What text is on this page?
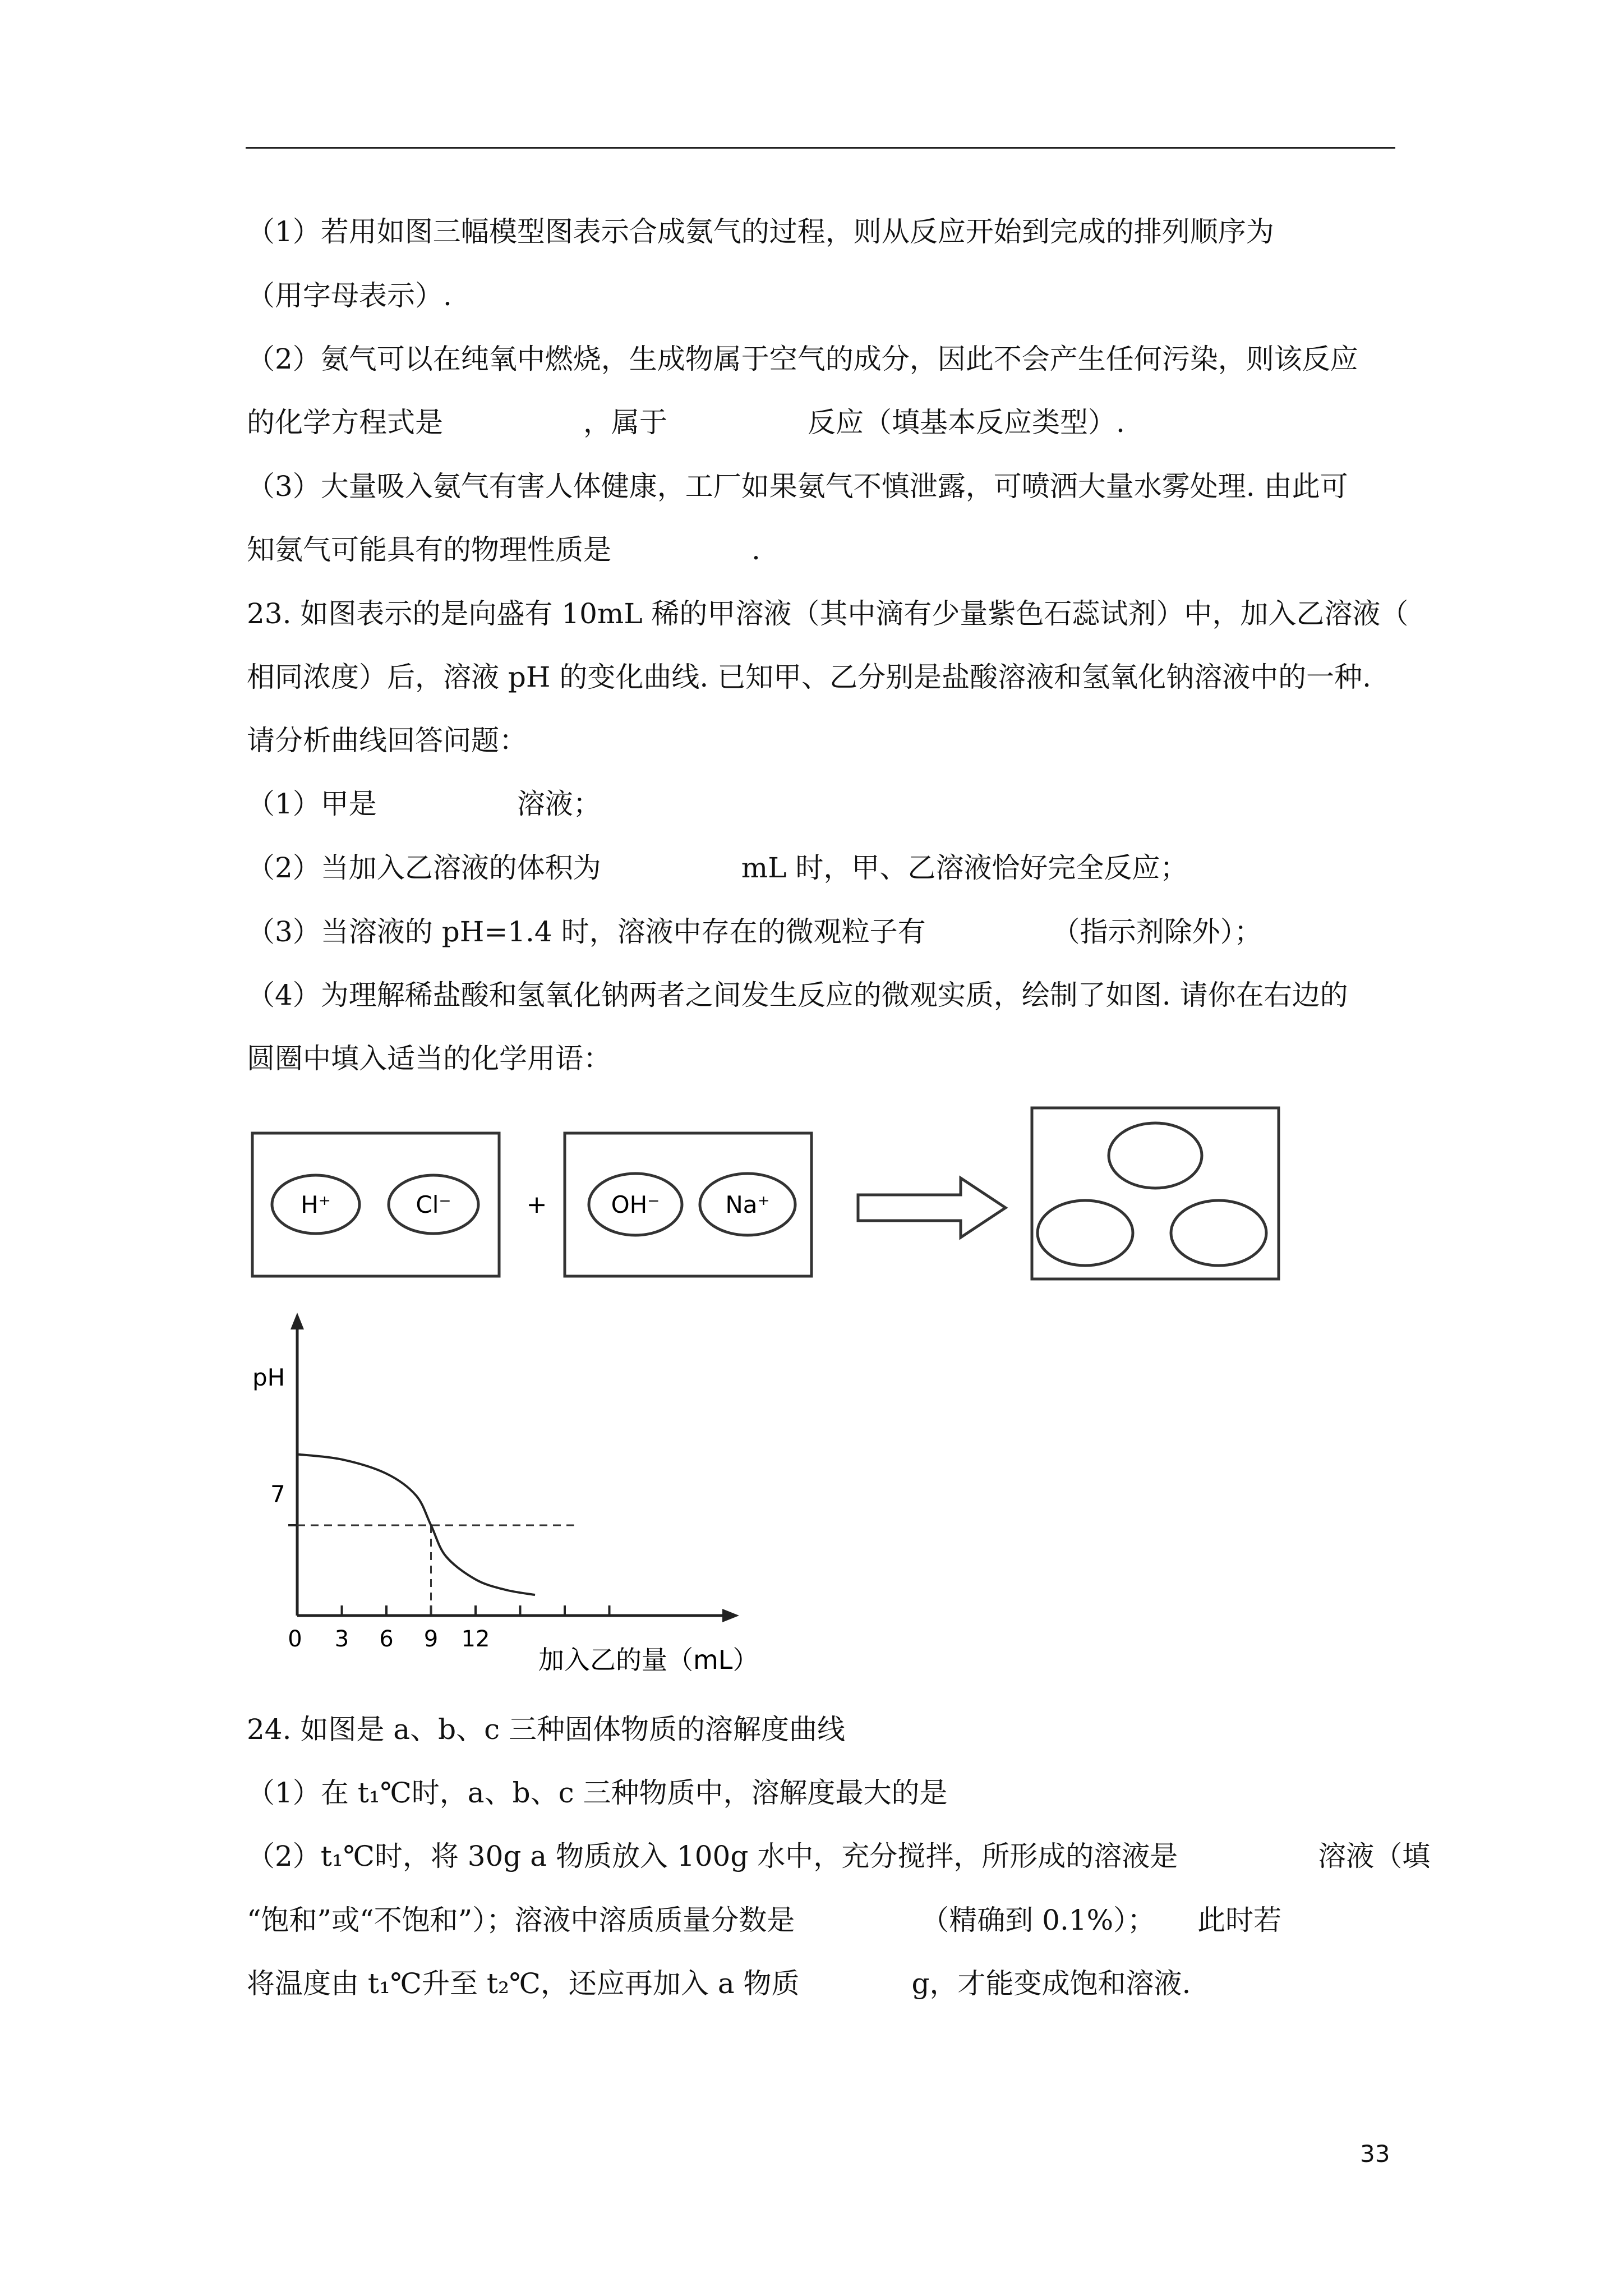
（1）若用如图三幅模型图表示合成氨气的过程，则从反应开始到完成的排列顺序为
（用字母表示）.
（2）氨气可以在纯氧中燃烧，生成物属于空气的成分，因此不会产生任何污染，则该反应
的化学方程式是　　　　　，属于　　　　　反应（填基本反应类型）.
（3）大量吸入氨气有害人体健康，工厂如果氨气不慎泄露，可喷洒大量水雾处理. 由此可
知氨气可能具有的物理性质是　　　　　.
23. 如图表示的是向盛有 10mL 稀的甲溶液（其中滴有少量紫色石蕊试剂）中，加入乙溶液（
相同浓度）后，溶液 pH 的变化曲线. 已知甲、乙分别是盐酸溶液和氢氧化钠溶液中的一种.
请分析曲线回答问题：
（1）甲是　　　　　溶液；
（2）当加入乙溶液的体积为　　　　　mL 时，甲、乙溶液恰好完全反应；
（3）当溶液的 pH=1.4 时，溶液中存在的微观粒子有　　　　　（指示剂除外）；
（4）为理解稀盐酸和氢氧化钠两者之间发生反应的微观实质，绘制了如图. 请你在右边的
圆圈中填入适当的化学用语：
H⁺	Cl⁻	+	OH⁻	Na⁺
pH
加入乙的量（mL）
7
0 3 6 9 12
24. 如图是 a、b、c 三种固体物质的溶解度曲线
（1）在 t₁℃时，a、b、c 三种物质中，溶解度最大的是
（2）t₁℃时，将 30g a 物质放入 100g 水中，充分搅拌，所形成的溶液是　　　　　溶液（填
“饱和”或“不饱和”）；溶液中溶质质量分数是　　　　　（精确到 0.1%）；　　此时若
将温度由 t₁℃升至 t₂℃，还应再加入 a 物质　　　　g，才能变成饱和溶液.
33
